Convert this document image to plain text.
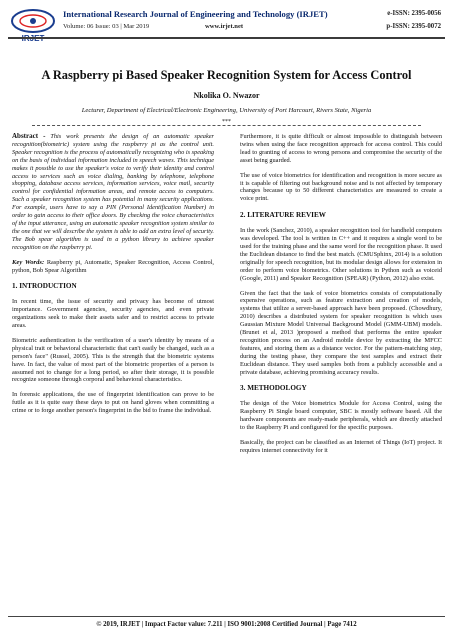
International Research Journal of Engineering and Technology (IRJET)
Volume: 06 Issue: 03 | Mar 2019	www.irjet.net
e-ISSN: 2395-0056
p-ISSN: 2395-0072
A Raspberry pi Based Speaker Recognition System for Access Control
Nkolika O. Nwazor
Lecturer, Department of Electrical/Electronic Engineering, University of Port Harcourt, Rivers State, Nigeria
***

Abstract - This work presents the design of an automatic speaker recognition(biometric) system using the raspberry pi as the control unit. Speaker recognition is the process of automatically recognizing who is speaking on the basis of individual information included in speech waves. This technique makes it possible to use the speaker's voice to verify their identity and control access to services such as voice dialing, banking by telephone, telephone shopping, database access services, information services, voice mail, security control for confidential information areas, and remote access to computers. Such a speaker recognition system has potential in many security applications. For example, users have to say a PIN (Personal Identification Number) in order to gain access to their office doors. By checking the voice characteristics of the input utterance, using an automatic speaker recognition system similar to the one that we will describe the system is able to add an extra level of security. The Bob spear algorithm is used in a python library to achieve speaker recognition on the raspberry pi.

Key Words: Raspberry pi, Automatic, Speaker Recognition, Access Control, python, Bob Spear Algorithm

1. INTRODUCTION

In recent time, the issue of security and privacy has become of utmost importance. Government agencies, security agencies, and even private organizations seek to make their assets safer and to restrict access to private areas.

Biometric authentication is the verification of a user's identity by means of a physical trait or behavioral characteristic that can't easily be changed, such as a person's face" (Russel, 2005). This is the strength that the biometric systems have. In fact, the value of most part of the biometric properties of a person is assumed not to change for a long period, so after their storage, it is possible recognize someone through corporal and behavioral characteristics.

In forensic applications, the use of fingerprint identification can prove to be futile as it is quite easy these days to put on hand gloves when committing a crime or to forge another person's fingerprint in the bid to frame the individual.

Furthermore, it is quite difficult or almost impossible to distinguish between twins when using the face recognition approach for access control. This could lead to granting of access to wrong persons and compromise the security of the asset being guarded.

The use of voice biometrics for identification and recognition is more secure as it is capable of filtering out background noise and is not affected by temporary changes because up to 50 different characteristics are measured to create a voice print.

2. LITERATURE REVIEW

In the work (Sanchez, 2010), a speaker recognition tool for handheld computers was developed. The tool is written in C++ and it requires a single word to be used for the training phase and the same word for the recognition phase. It used the Euclidean distance to find the best match. (CMUSphinx, 2014) is a solution originally for speech recognition, but its modular design allows for extension in order to perform voice biometrics. Other solutions in Python such as voiceid (Google, 2011) and Speaker Recognition (SPEAR) (Python, 2012) also exist.

Given the fact that the task of voice biometrics consists of computationally expensive operations, such as feature extraction and creation of models, systems that utilize a server-based approach have been proposed. (Chowdhury, 2010) describes a distributed system for speaker recognition is which uses Gaussian Mixture Model Universal Background Model (GMM-UBM) models. (Brunet et al, 2013 )proposed a method that performs the entire speaker recognition process on an Android mobile device by extracting the MFCC features, and storing them as a distance vector. For the pattern-matching step, during the testing phase, they compare the test samples and extract their Euclidean distance. They used samples both from a publicly accessible and a private database, achieving promising accuracy results.

3. METHODOLOGY

The design of the Voice biometrics Module for Access Control, using the Raspberry Pi Single board computer, SBC is mostly software based. All the hardware components are ready-made peripherals, which are directly attached to the Raspberry Pi and configured for the specific purposes.

Basically, the project can be classified as an Internet of Things (IoT) project. It requires internet connectivity for it

© 2019, IRJET | Impact Factor value: 7.211 | ISO 9001:2008 Certified Journal | Page 7412
